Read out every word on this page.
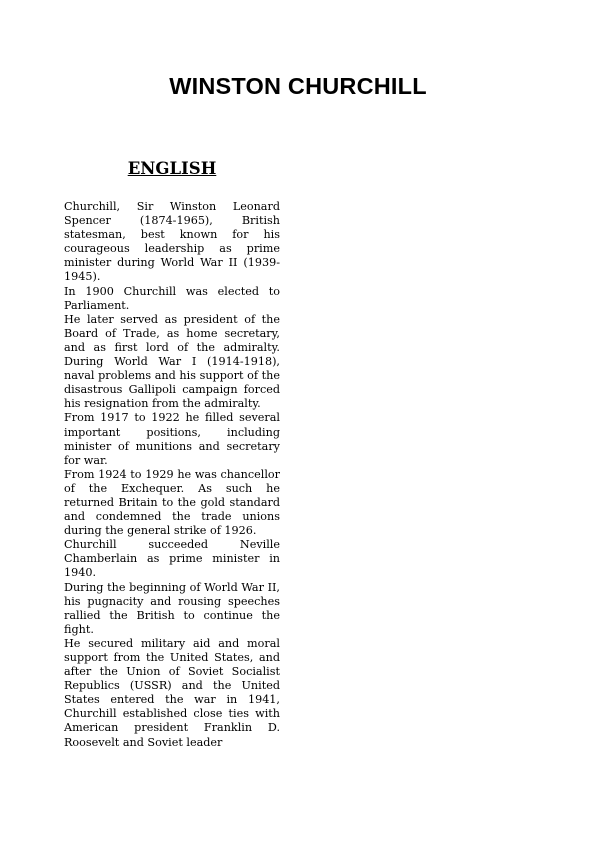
WINSTON CHURCHILL
ENGLISH

Churchill, Sir Winston Leonard Spencer (1874-1965), British statesman, best known for his courageous leadership as prime minister during World War II (1939-1945).

In 1900 Churchill was elected to Parliament.

He later served as president of the Board of Trade, as home secretary, and as first lord of the admiralty. During World War I (1914-1918), naval problems and his support of the disastrous Gallipoli campaign forced his resignation from the admiralty.

From 1917 to 1922 he filled several important positions, including minister of munitions and secretary for war.

From 1924 to 1929 he was chancellor of the Exchequer. As such he returned Britain to the gold standard and condemned the trade unions during the general strike of 1926.

Churchill succeeded Neville Chamberlain as prime minister in 1940.

During the beginning of World War II, his pugnacity and rousing speeches rallied the British to continue the fight.

He secured military aid and moral support from the United States, and after the Union of Soviet Socialist Republics (USSR) and the United States entered the war in 1941, Churchill established close ties with American president Franklin D. Roosevelt and Soviet leader
